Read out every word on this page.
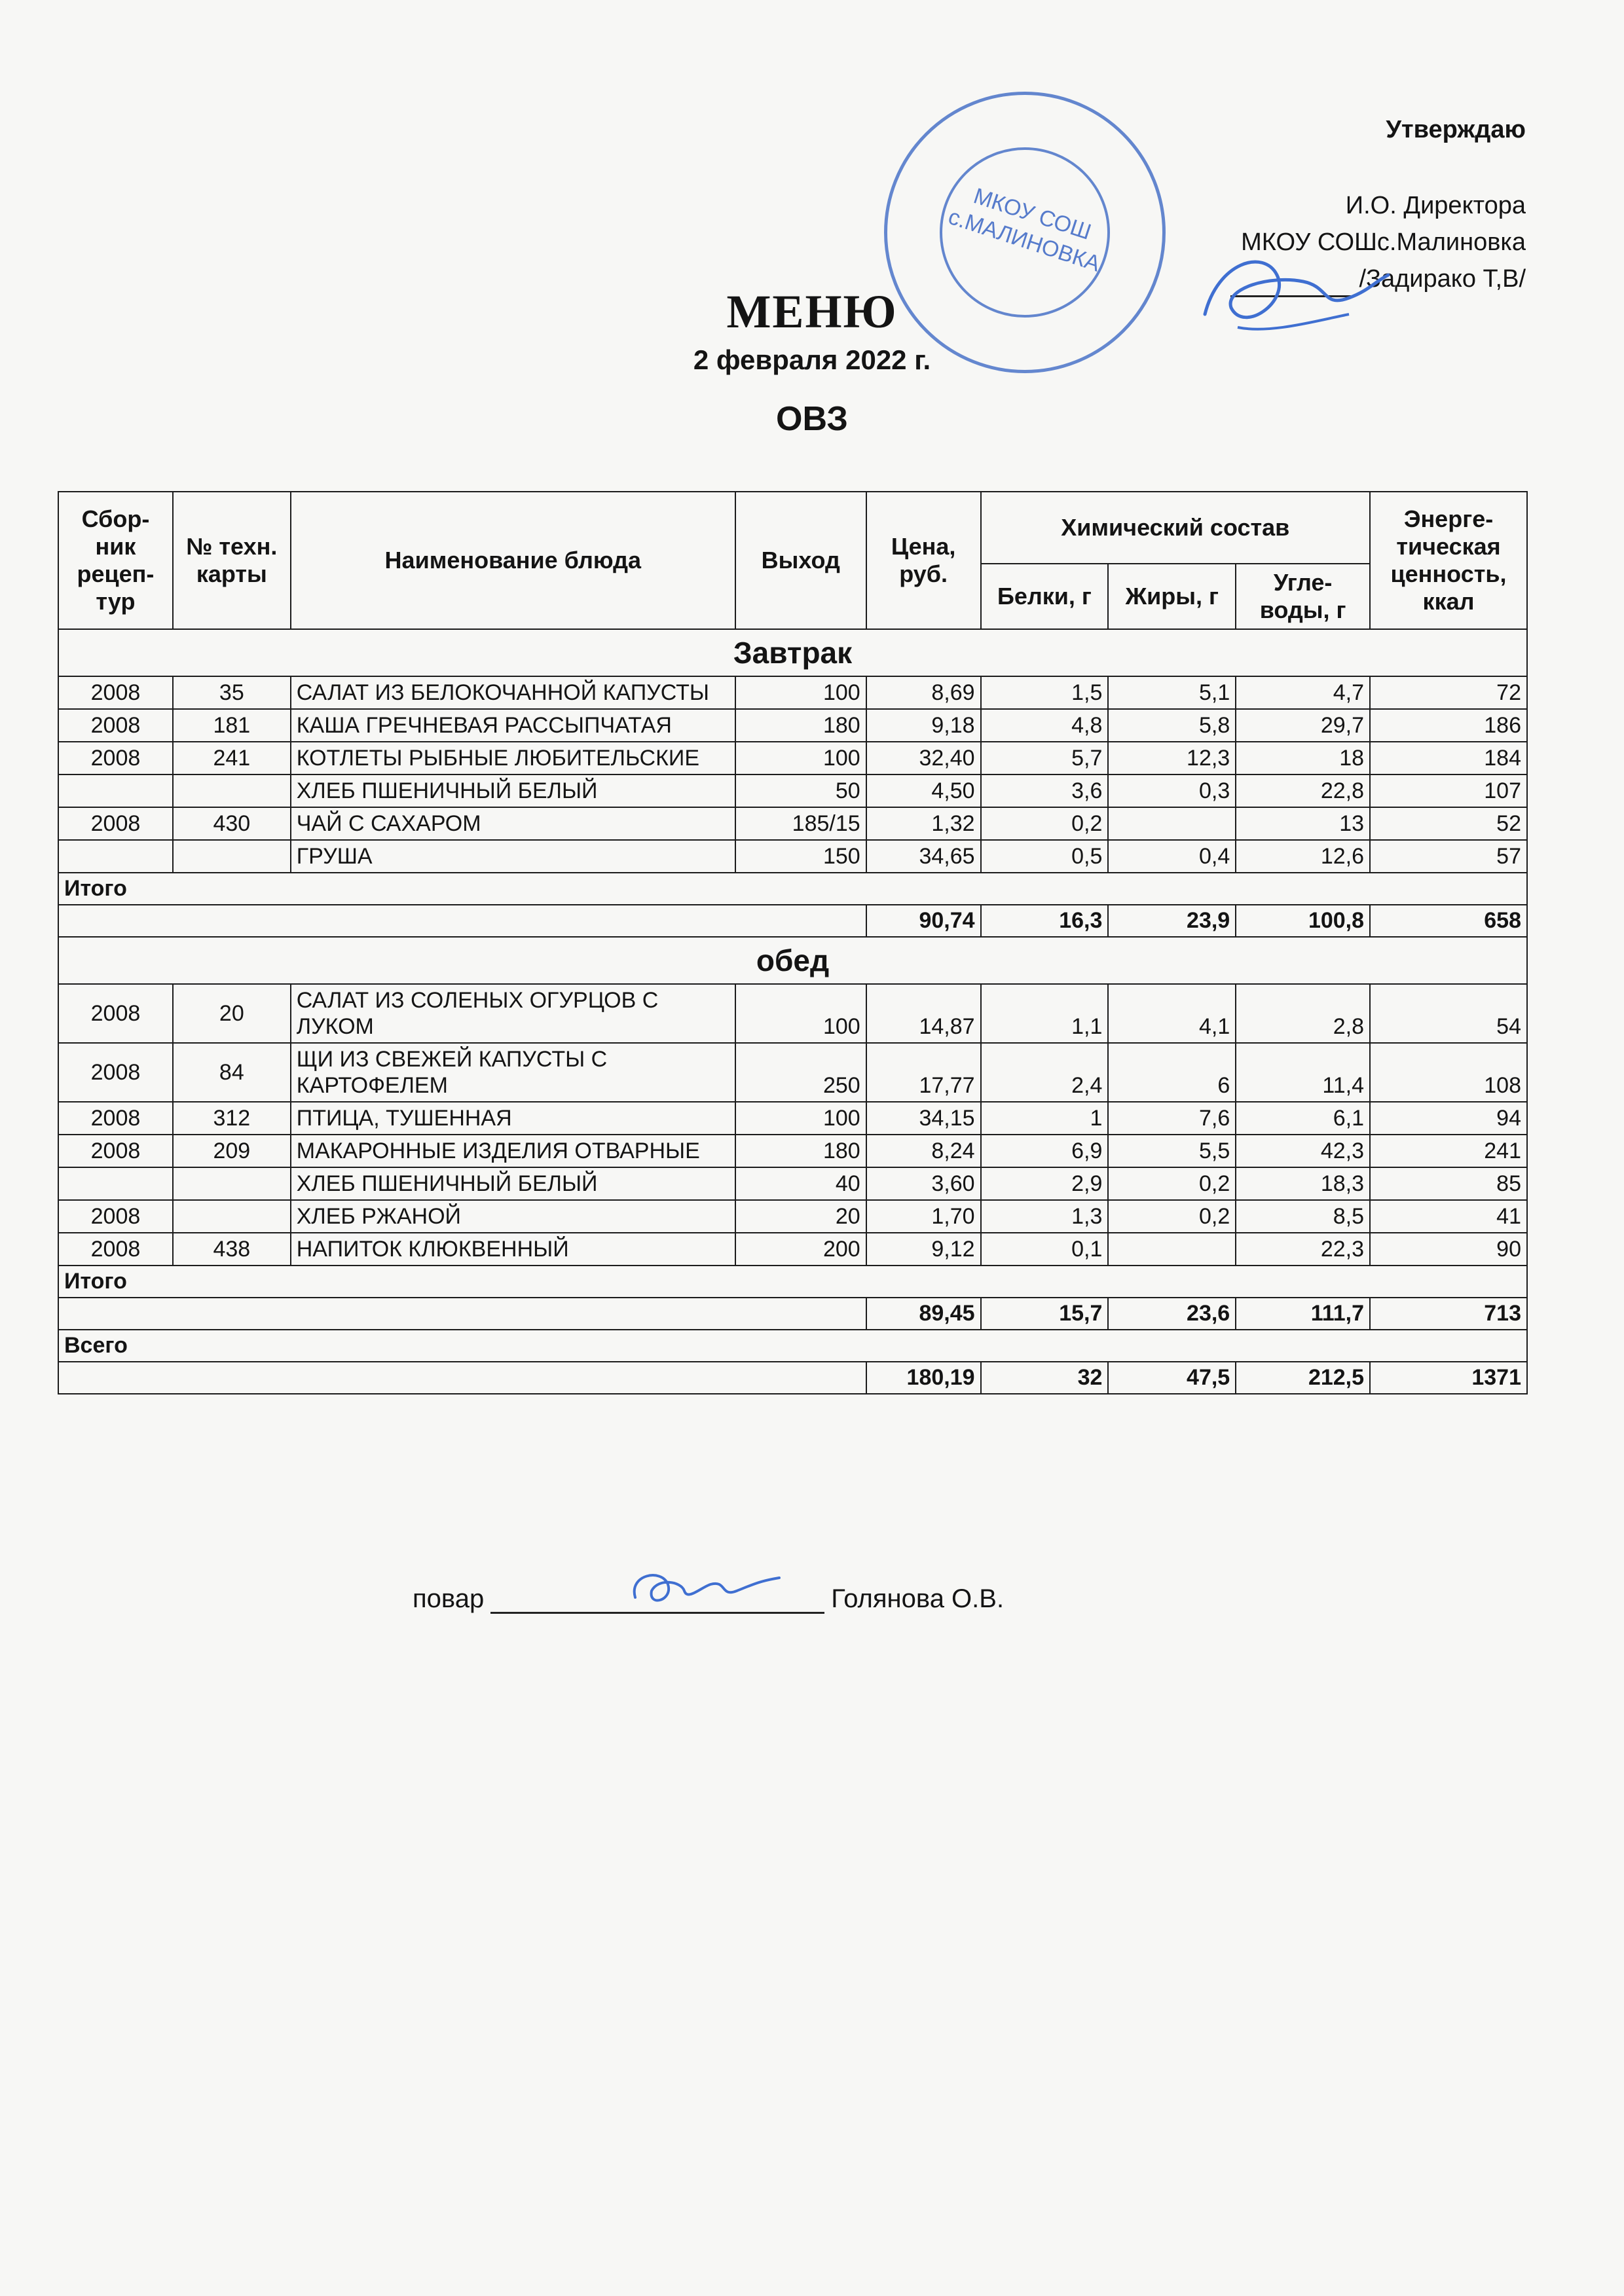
МКОУ СОШ с.МАЛИНОВКА
Утверждаю
И.О. Директора
МКОУ СОШс.Малиновка
/Задирако Т,В/
МЕНЮ
2 февраля 2022 г.
ОВЗ
Сбор-ник рецеп-тур	№ техн. карты	Наименование блюда	Выход	Цена, руб.	Химический состав			Энерге-тическая ценность, ккал
					Белки, г	Жиры, г	Угле-воды, г	
Завтрак								
2008	35	САЛАТ ИЗ БЕЛОКОЧАННОЙ КАПУСТЫ	100	8,69	1,5	5,1	4,7	72
2008	181	КАША ГРЕЧНЕВАЯ РАССЫПЧАТАЯ	180	9,18	4,8	5,8	29,7	186
2008	241	КОТЛЕТЫ РЫБНЫЕ ЛЮБИТЕЛЬСКИЕ	100	32,40	5,7	12,3	18	184
		ХЛЕБ ПШЕНИЧНЫЙ БЕЛЫЙ	50	4,50	3,6	0,3	22,8	107
2008	430	ЧАЙ С САХАРОМ	185/15	1,32	0,2		13	52
		ГРУША	150	34,65	0,5	0,4	12,6	57
Итого								
				90,74	16,3	23,9	100,8	658
обед								
2008	20	САЛАТ ИЗ СОЛЕНЫХ ОГУРЦОВ С ЛУКОМ	100	14,87	1,1	4,1	2,8	54
2008	84	ЩИ ИЗ СВЕЖЕЙ КАПУСТЫ С КАРТОФЕЛЕМ	250	17,77	2,4	6	11,4	108
2008	312	ПТИЦА, ТУШЕННАЯ	100	34,15	1	7,6	6,1	94
2008	209	МАКАРОННЫЕ ИЗДЕЛИЯ ОТВАРНЫЕ	180	8,24	6,9	5,5	42,3	241
		ХЛЕБ ПШЕНИЧНЫЙ БЕЛЫЙ	40	3,60	2,9	0,2	18,3	85
2008		ХЛЕБ РЖАНОЙ	20	1,70	1,3	0,2	8,5	41
2008	438	НАПИТОК КЛЮКВЕННЫЙ	200	9,12	0,1		22,3	90
Итого								
				89,45	15,7	23,6	111,7	713
Всего								
				180,19	32	47,5	212,5	1371
повар	Голянова О.В.
